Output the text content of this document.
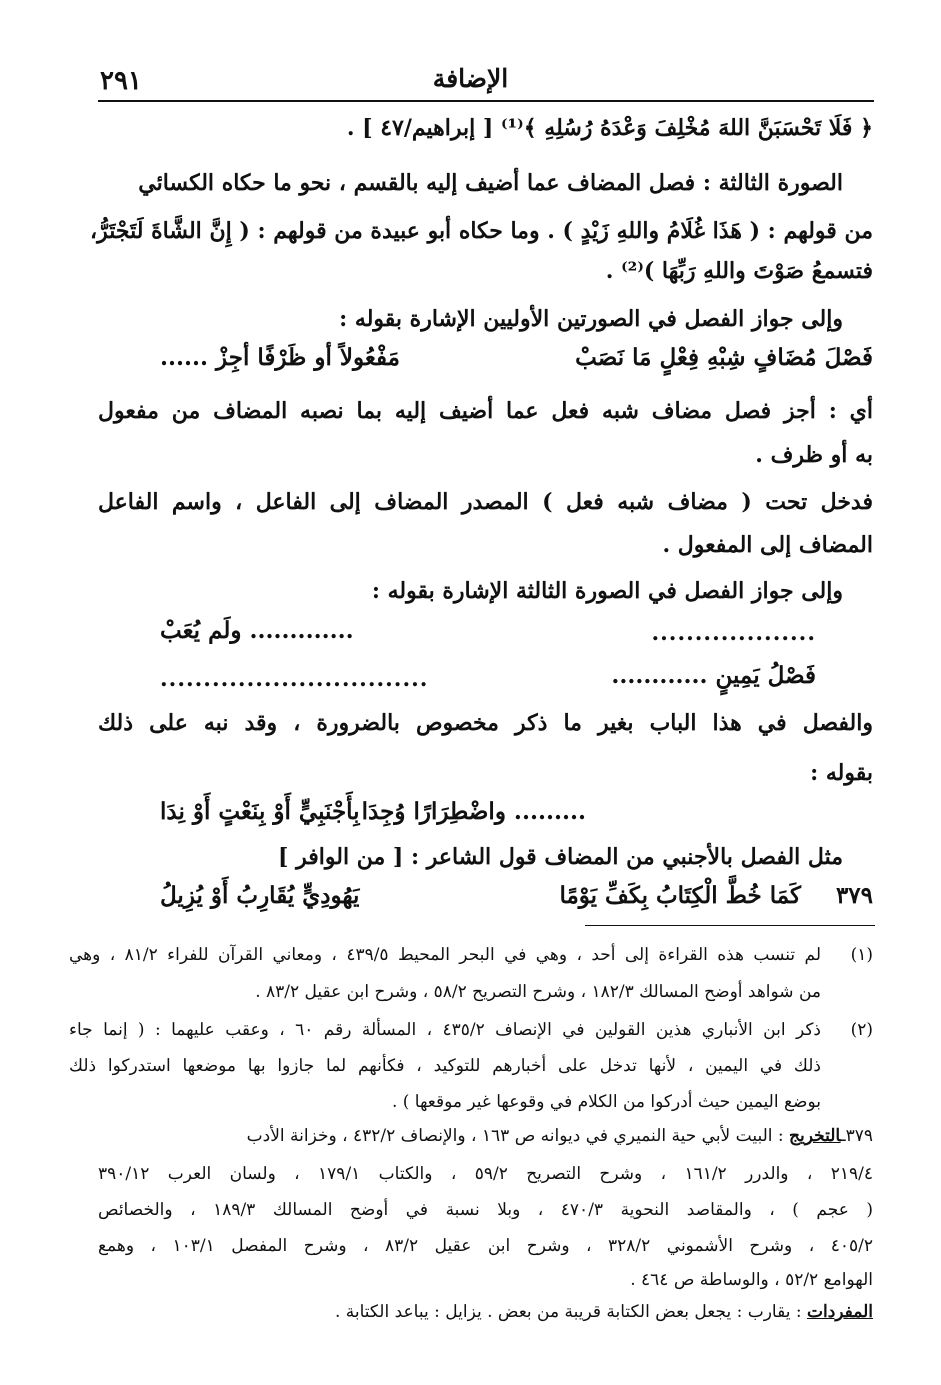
الإضافة
٢٩١
﴿ فَلَا تَحْسَبَنَّ اللهَ مُخْلِفَ وَعْدَهُ رُسُلِهِ ﴾⁽¹⁾ [ إبراهيم/٤٧ ] .
الصورة الثالثة : فصل المضاف عما أضيف إليه بالقسم ، نحو ما حكاه الكسائي
من قولهم : ( هَذَا غُلَامُ واللهِ زَيْدٍ ) . وما حكاه أبو عبيدة من قولهم : ( إِنَّ الشَّاةَ لَتَجْتَرُّ،
فتسمعُ صَوْتَ واللهِ رَبِّهَا )⁽²⁾ .
وإلى جواز الفصل في الصورتين الأوليين الإشارة بقوله :
فَصْلَ مُضَافٍ شِبْهِ فِعْلٍ مَا نَصَبْ
مَفْعُولاً أو ظَرْفًا أجِزْ ......
أي : أجز فصل مضاف شبه فعل عما أضيف إليه بما نصبه المضاف من مفعول
به أو ظرف .
فدخل تحت ( مضاف شبه فعل ) المصدر المضاف إلى الفاعل ، واسم الفاعل
المضاف إلى المفعول .
وإلى جواز الفصل في الصورة الثالثة الإشارة بقوله :
...................
............. ولَم يُعَبْ
فَصْلُ يَمِينٍ ............
...............................
والفصل في هذا الباب بغير ما ذكر مخصوص بالضرورة ، وقد نبه على ذلك
بقوله :
......... واضْطِرَارًا وُجِدَا
بِأَجْنَبِيٍّ أَوْ بِنَعْتٍ أَوْ نِدَا
مثل الفصل بالأجنبي من المضاف قول الشاعر : [ من الوافر ]
٣٧٩
كَمَا خُطَّ الْكِتَابُ بِكَفِّ يَوْمًا
يَهُودِيٍّ يُقَارِبُ أَوْ يُزِيلُ
(١)
لم تنسب هذه القراءة إلى أحد ، وهي في البحر المحيط ٤٣٩/٥ ، ومعاني القرآن للفراء ٨١/٢ ، وهي
من شواهد أوضح المسالك ١٨٢/٣ ، وشرح التصريح ٥٨/٢ ، وشرح ابن عقيل ٨٣/٢ .
(٢)
ذكر ابن الأنباري هذين القولين في الإنصاف ٤٣٥/٢ ، المسألة رقم ٦٠ ، وعقب عليهما : ( إنما جاء
ذلك في اليمين ، لأنها تدخل على أخبارهم للتوكيد ، فكأنهم لما جازوا بها موضعها استدركوا ذلك
بوضع اليمين حيث أدركوا من الكلام في وقوعها غير موقعها ) .
٣٧٩ـالتخريج : البيت لأبي حية النميري في ديوانه ص ١٦٣ ، والإنصاف ٤٣٢/٢ ، وخزانة الأدب
٢١٩/٤ ، والدرر ١٦١/٢ ، وشرح التصريح ٥٩/٢ ، والكتاب ١٧٩/١ ، ولسان العرب ٣٩٠/١٢
( عجم ) ، والمقاصد النحوية ٤٧٠/٣ ، وبلا نسبة في أوضح المسالك ١٨٩/٣ ، والخصائص
٤٠٥/٢ ، وشرح الأشموني ٣٢٨/٢ ، وشرح ابن عقيل ٨٣/٢ ، وشرح المفصل ١٠٣/١ ، وهمع
الهوامع ٥٢/٢ ، والوساطة ص ٤٦٤ .
المفردات : يقارب : يجعل بعض الكتابة قريبة من بعض . يزايل : يباعد الكتابة .
